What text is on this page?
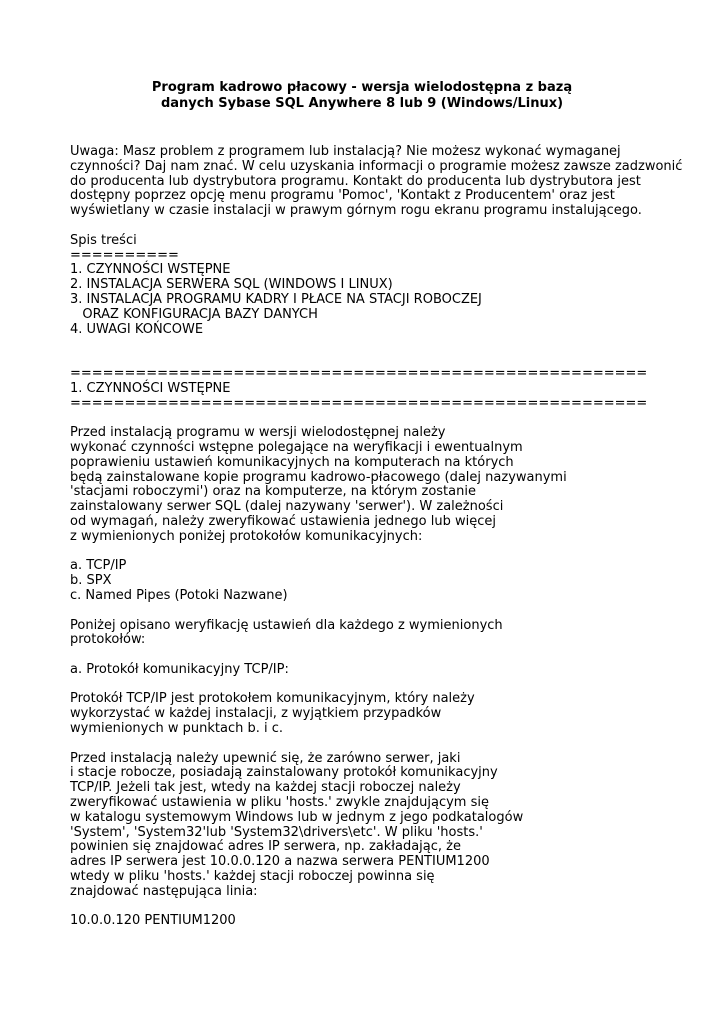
Program kadrowo płacowy - wersja wielodostępna z bazą
danych Sybase SQL Anywhere 8 lub 9 (Windows/Linux)
Uwaga: Masz problem z programem lub instalacją? Nie możesz wykonać wymaganej
czynności? Daj nam znać. W celu uzyskania informacji o programie możesz zawsze zadzwonić
do producenta lub dystrybutora programu. Kontakt do producenta lub dystrybutora jest
dostępny poprzez opcję menu programu 'Pomoc', 'Kontakt z Producentem' oraz jest
wyświetlany w czasie instalacji w prawym górnym rogu ekranu programu instalującego.
Spis treści
==========
1. CZYNNOŚCI WSTĘPNE
2. INSTALACJA SERWERA SQL (WINDOWS I LINUX)
3. INSTALACJA PROGRAMU KADRY I PŁACE NA STACJI ROBOCZEJ
ORAZ KONFIGURACJA BAZY DANYCH
4. UWAGI KOŃCOWE
=====================================================
1. CZYNNOŚCI WSTĘPNE
=====================================================
Przed instalacją programu w wersji wielodostępnej należy
wykonać czynności wstępne polegające na weryfikacji i ewentualnym
poprawieniu ustawień komunikacyjnych na komputerach na których
będą zainstalowane kopie programu kadrowo-płacowego (dalej nazywanymi
'stacjami roboczymi') oraz na komputerze, na którym zostanie
zainstalowany serwer SQL (dalej nazywany 'serwer'). W zależności
od wymagań, należy zweryfikować ustawienia jednego lub więcej
z wymienionych poniżej protokołów komunikacyjnych:
a. TCP/IP
b. SPX
c. Named Pipes (Potoki Nazwane)
Poniżej opisano weryfikację ustawień dla każdego z wymienionych
protokołów:
a. Protokół komunikacyjny TCP/IP:
Protokół TCP/IP jest protokołem komunikacyjnym, który należy
wykorzystać w każdej instalacji, z wyjątkiem przypadków
wymienionych w punktach b. i c.
Przed instalacją należy upewnić się, że zarówno serwer, jaki
i stacje robocze, posiadają zainstalowany protokół komunikacyjny
TCP/IP. Jeżeli tak jest, wtedy na każdej stacji roboczej należy
zweryfikować ustawienia w pliku 'hosts.' zwykle znajdującym się
w katalogu systemowym Windows lub w jednym z jego podkatalogów
'System', 'System32'lub 'System32\drivers\etc'. W pliku 'hosts.'
powinien się znajdować adres IP serwera, np. zakładając, że
adres IP serwera jest 10.0.0.120 a nazwa serwera PENTIUM1200
wtedy w pliku 'hosts.' każdej stacji roboczej powinna się
znajdować następująca linia:
10.0.0.120 PENTIUM1200
